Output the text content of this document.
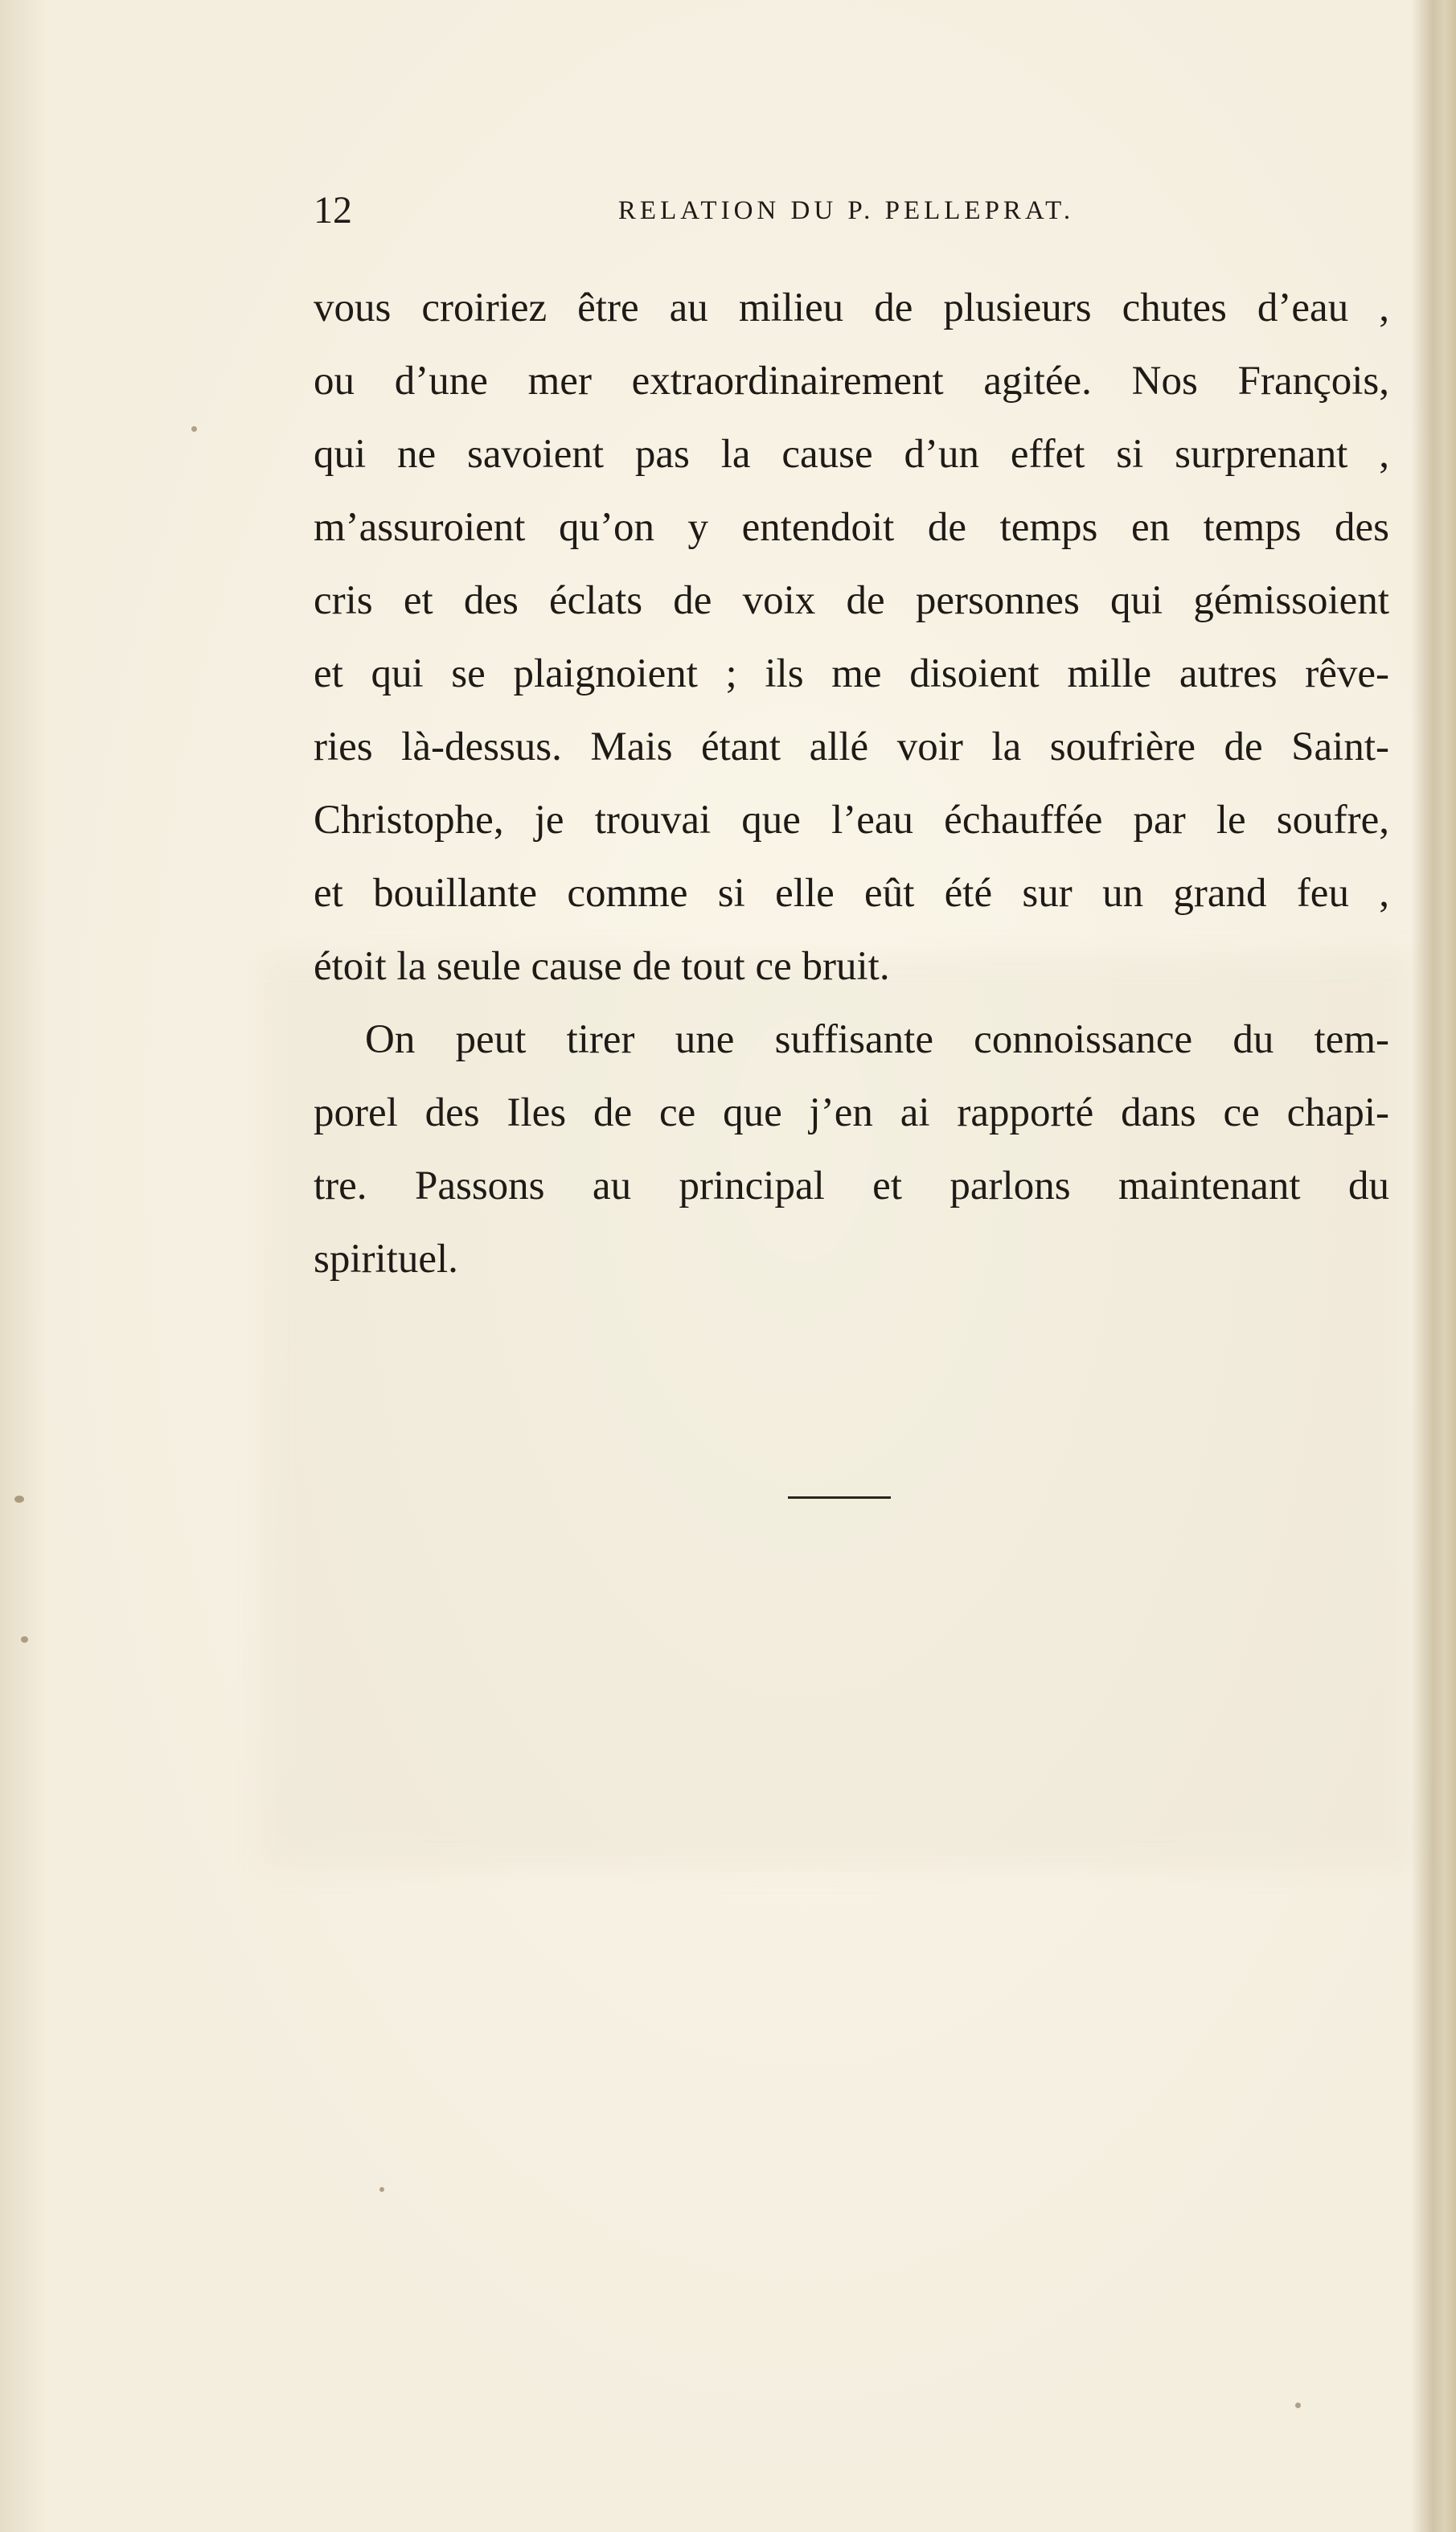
12	RELATION DU P. PELLEPRAT.
vous croiriez être au milieu de plusieurs chutes d’eau ,
ou d’une mer extraordinairement agitée. Nos François,
qui ne savoient pas la cause d’un effet si surprenant ,
m’assuroient qu’on y entendoit de temps en temps des
cris et des éclats de voix de personnes qui gémissoient
et qui se plaignoient ; ils me disoient mille autres rêve-
ries là-dessus. Mais étant allé voir la soufrière de Saint-
Christophe, je trouvai que l’eau échauffée par le soufre,
et bouillante comme si elle eût été sur un grand feu ,
étoit la seule cause de tout ce bruit.
On peut tirer une suffisante connoissance du tem-
porel des Iles de ce que j’en ai rapporté dans ce chapi-
tre. Passons au principal et parlons maintenant du
spirituel.
